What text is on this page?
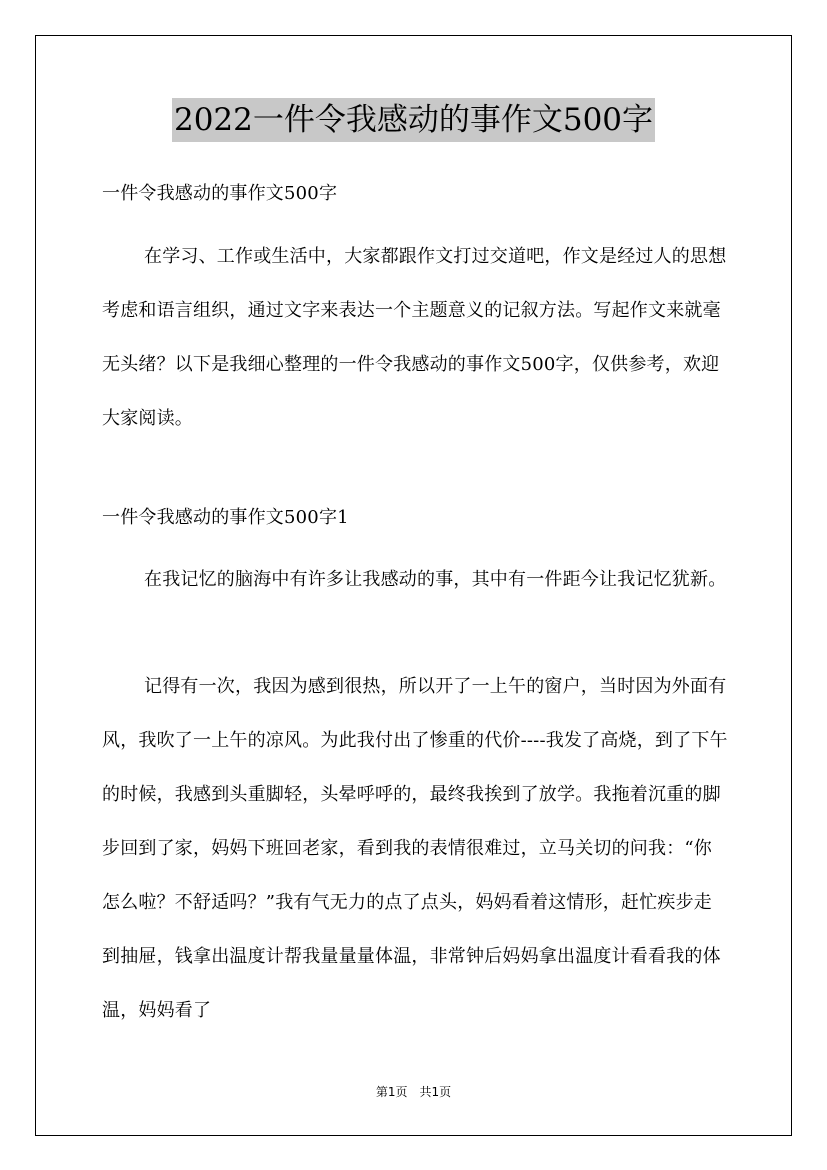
2022一件令我感动的事作文500字
一件令我感动的事作文500字
在学习、工作或生活中，大家都跟作文打过交道吧，作文是经过人的思想考虑和语言组织，通过文字来表达一个主题意义的记叙方法。写起作文来就毫无头绪？以下是我细心整理的一件令我感动的事作文500字，仅供参考，欢迎大家阅读。
一件令我感动的事作文500字1
在我记忆的脑海中有许多让我感动的事，其中有一件距今让我记忆犹新。
记得有一次，我因为感到很热，所以开了一上午的窗户，当时因为外面有风，我吹了一上午的凉风。为此我付出了惨重的代价----我发了高烧，到了下午的时候，我感到头重脚轻，头晕呼呼的，最终我挨到了放学。我拖着沉重的脚步回到了家，妈妈下班回老家，看到我的表情很难过，立马关切的问我：“你怎么啦？不舒适吗？”我有气无力的点了点头，妈妈看着这情形，赶忙疾步走到抽屉，钱拿出温度计帮我量量量体温，非常钟后妈妈拿出温度计看看我的体温，妈妈看了
第1页　共1页
